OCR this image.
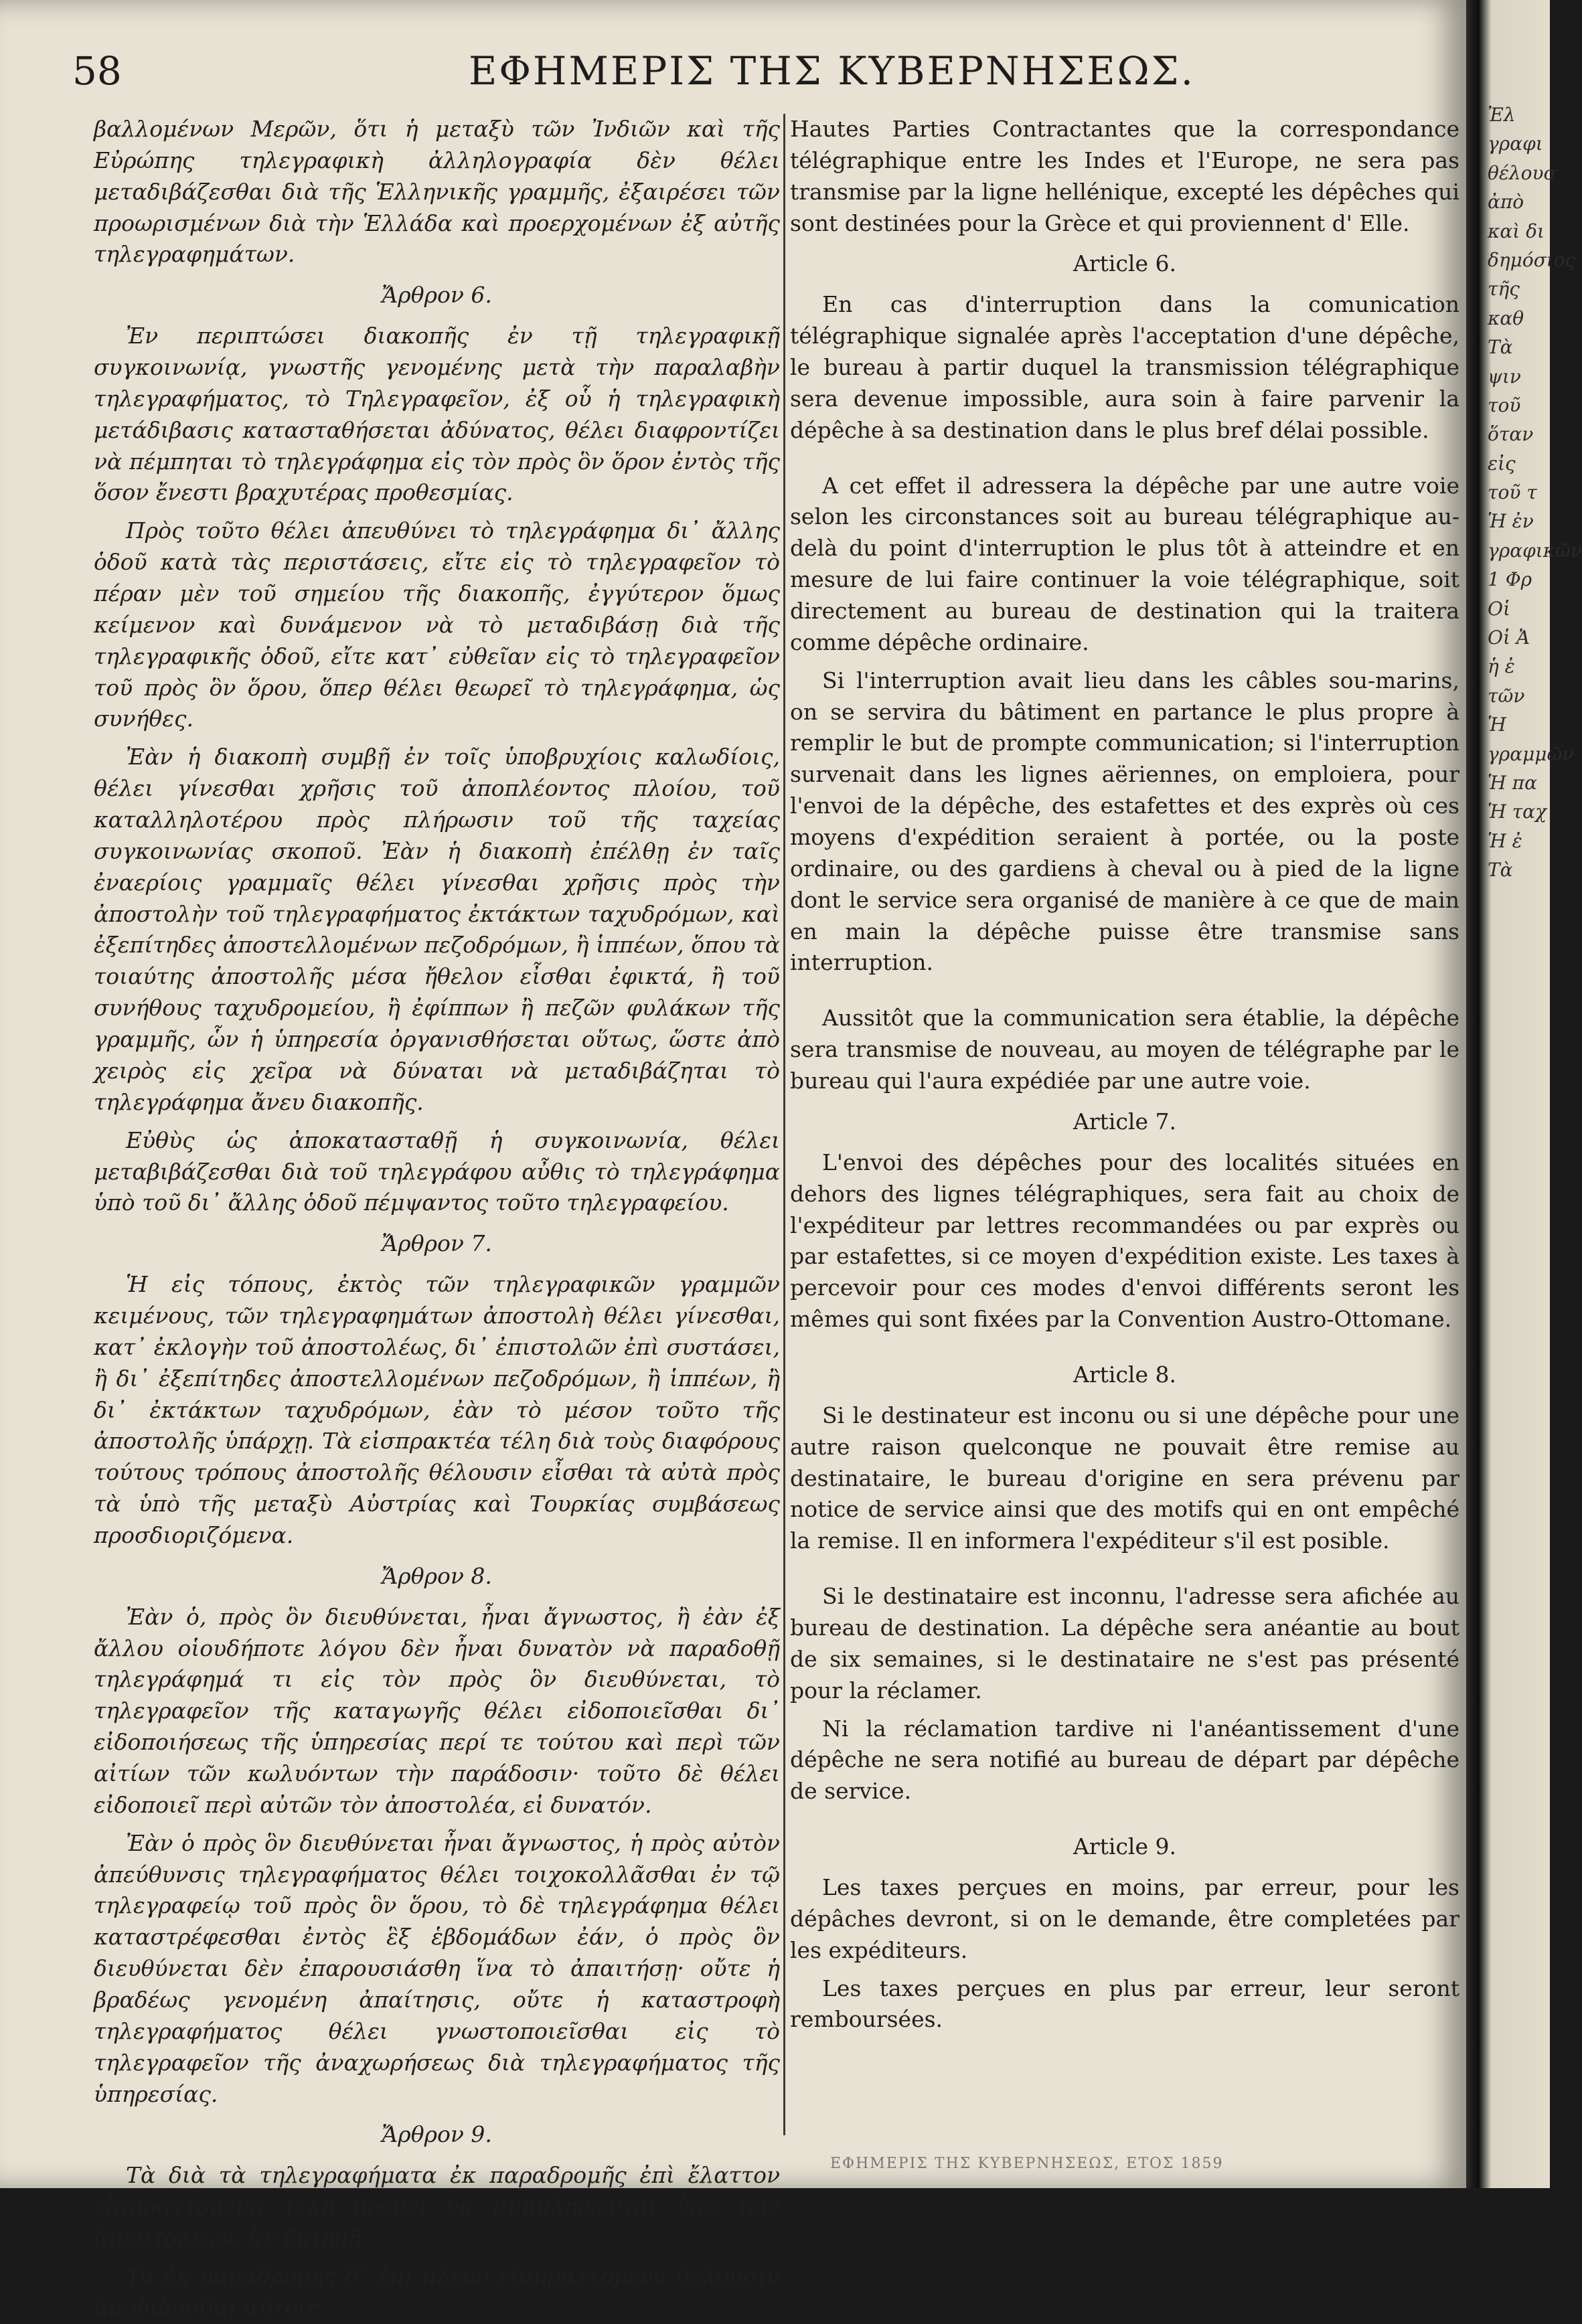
58	ΕΦΗΜΕΡΙΣ ΤΗΣ ΚΥΒΕΡΝΗΣΕΩΣ.

βαλλομένων Μερῶν, ὅτι ἡ μεταξὺ τῶν Ἰνδιῶν καὶ τῆς Εὐρώπης τηλεγραφικὴ ἀλληλογραφία δὲν θέλει μεταδιβάζεσθαι διὰ τῆς Ἑλληνικῆς γραμμῆς, ἐξαιρέσει τῶν προωρισμένων διὰ τὴν Ἑλλάδα καὶ προερχομένων ἐξ αὐτῆς τηλεγραφημάτων.

Ἄρθρον 6.

Ἐν περιπτώσει διακοπῆς ἐν τῇ τηλεγραφικῇ συγκοινωνίᾳ, γνωστῆς γενομένης μετὰ τὴν παραλαβὴν τηλεγραφήματος, τὸ Τηλεγραφεῖον, ἐξ οὗ ἡ τηλεγραφικὴ μετάδιβασις κατασταθήσεται ἀδύνατος, θέλει διαφροντίζει νὰ πέμπηται τὸ τηλεγράφημα εἰς τὸν πρὸς ὃν ὅρον ἐντὸς τῆς ὅσον ἔνεστι βραχυτέρας προθεσμίας.

Πρὸς τοῦτο θέλει ἀπευθύνει τὸ τηλεγράφημα δι᾽ ἄλλης ὁδοῦ κατὰ τὰς περιστάσεις, εἴτε εἰς τὸ τηλεγραφεῖον τὸ πέραν μὲν τοῦ σημείου τῆς διακοπῆς, ἐγγύτερον ὅμως κείμενον καὶ δυνάμενον νὰ τὸ μεταδιβάσῃ διὰ τῆς τηλεγραφικῆς ὁδοῦ, εἴτε κατ᾽ εὐθεῖαν εἰς τὸ τηλεγραφεῖον τοῦ πρὸς ὃν ὅρου, ὅπερ θέλει θεωρεῖ τὸ τηλεγράφημα, ὡς συνήθες.

Ἐὰν ἡ διακοπὴ συμβῇ ἐν τοῖς ὑποβρυχίοις καλωδίοις, θέλει γίνεσθαι χρῆσις τοῦ ἀποπλέοντος πλοίου, τοῦ καταλληλοτέρου πρὸς πλήρωσιν τοῦ τῆς ταχείας συγκοινωνίας σκοποῦ. Ἐὰν ἡ διακοπὴ ἐπέλθῃ ἐν ταῖς ἐναερίοις γραμμαῖς θέλει γίνεσθαι χρῆσις πρὸς τὴν ἀποστολὴν τοῦ τηλεγραφήματος ἐκτάκτων ταχυδρόμων, καὶ ἐξεπίτηδες ἀποστελλομένων πεζοδρόμων, ἢ ἱππέων, ὅπου τὰ τοιαύτης ἀποστολῆς μέσα ἤθελον εἶσθαι ἐφικτά, ἢ τοῦ συνήθους ταχυδρομείου, ἢ ἐφίππων ἢ πεζῶν φυλάκων τῆς γραμμῆς, ὧν ἡ ὑπηρεσία ὀργανισθήσεται οὕτως, ὥστε ἀπὸ χειρὸς εἰς χεῖρα νὰ δύναται νὰ μεταδιβάζηται τὸ τηλεγράφημα ἄνευ διακοπῆς.

Εὐθὺς ὡς ἀποκατασταθῇ ἡ συγκοινωνία, θέλει μεταβιβάζεσθαι διὰ τοῦ τηλεγράφου αὖθις τὸ τηλεγράφημα ὑπὸ τοῦ δι᾽ ἄλλης ὁδοῦ πέμψαντος τοῦτο τηλεγραφείου.

Ἄρθρον 7.

Ἡ εἰς τόπους, ἐκτὸς τῶν τηλεγραφικῶν γραμμῶν κειμένους, τῶν τηλεγραφημάτων ἀποστολὴ θέλει γίνεσθαι, κατ᾽ ἐκλογὴν τοῦ ἀποστολέως, δι᾽ ἐπιστολῶν ἐπὶ συστάσει, ἢ δι᾽ ἐξεπίτηδες ἀποστελλομένων πεζοδρόμων, ἢ ἱππέων, ἢ δι᾽ ἐκτάκτων ταχυδρόμων, ἐὰν τὸ μέσον τοῦτο τῆς ἀποστολῆς ὑπάρχῃ. Τὰ εἰσπρακτέα τέλη διὰ τοὺς διαφόρους τούτους τρόπους ἀποστολῆς θέλουσιν εἶσθαι τὰ αὐτὰ πρὸς τὰ ὑπὸ τῆς μεταξὺ Αὐστρίας καὶ Τουρκίας συμβάσεως προσδιοριζόμενα.

Ἄρθρον 8.

Ἐὰν ὁ, πρὸς ὃν διευθύνεται, ἦναι ἄγνωστος, ἢ ἐὰν ἐξ ἄλλου οἱουδήποτε λόγου δὲν ἦναι δυνατὸν νὰ παραδοθῇ τηλεγράφημά τι εἰς τὸν πρὸς ὃν διευθύνεται, τὸ τηλεγραφεῖον τῆς καταγωγῆς θέλει εἰδοποιεῖσθαι δι᾽ εἰδοποιήσεως τῆς ὑπηρεσίας περί τε τούτου καὶ περὶ τῶν αἰτίων τῶν κωλυόντων τὴν παράδοσιν· τοῦτο δὲ θέλει εἰδοποιεῖ περὶ αὐτῶν τὸν ἀποστολέα, εἰ δυνατόν.

Ἐὰν ὁ πρὸς ὃν διευθύνεται ἦναι ἄγνωστος, ἡ πρὸς αὐτὸν ἀπεύθυνσις τηλεγραφήματος θέλει τοιχοκολλᾶσθαι ἐν τῷ τηλεγραφείῳ τοῦ πρὸς ὃν ὅρου, τὸ δὲ τηλεγράφημα θέλει καταστρέφεσθαι ἐντὸς ἓξ ἑβδομάδων ἐάν, ὁ πρὸς ὃν διευθύνεται δὲν ἐπαρουσιάσθη ἵνα τὸ ἀπαιτήσῃ· οὔτε ἡ βραδέως γενομένη ἀπαίτησις, οὔτε ἡ καταστροφὴ τηλεγραφήματος θέλει γνωστοποιεῖσθαι εἰς τὸ τηλεγραφεῖον τῆς ἀναχωρήσεως διὰ τηλεγραφήματος τῆς ὑπηρεσίας.

Ἄρθρον 9.

Τὰ διὰ τὰ τηλεγραφήματα ἐκ παραδρομῆς ἐπὶ ἔλαττον εἰσπραττόμενα τέλη πρέπει νὰ συμπληρῶνται ὑπὸ τῶν ἀποστολέων, ἂν ζητηθῇ.

Τὰ ἐκ παραδρομῆς δ᾽ ἐπὶ πλέον εἰσπραττόμενα θέλουσιν ἀποδίδοσθαι αὐτοῖς.

Hautes Parties Contractantes que la correspondance télégraphique entre les Indes et l'Europe, ne sera pas transmise par la ligne hellénique, excepté les dépêches qui sont destinées pour la Grèce et qui proviennent d' Elle.

Article 6.

En cas d'interruption dans la comunication télégraphique signalée après l'acceptation d'une dépêche, le bureau à partir duquel la transmission télégraphique sera devenue impossible, aura soin à faire parvenir la dépêche à sa destination dans le plus bref délai possible.

A cet effet il adressera la dépêche par une autre voie selon les circonstances soit au bureau télégraphique au-delà du point d'interruption le plus tôt à atteindre et en mesure de lui faire continuer la voie télégraphique, soit directement au bureau de destination qui la traitera comme dépêche ordinaire.

Si l'interruption avait lieu dans les câbles sou-marins, on se servira du bâtiment en partance le plus propre à remplir le but de prompte communication; si l'interruption survenait dans les lignes aëriennes, on emploiera, pour l'envoi de la dépêche, des estafettes et des exprès où ces moyens d'expédition seraient à portée, ou la poste ordinaire, ou des gardiens à cheval ou à pied de la ligne dont le service sera organisé de manière à ce que de main en main la dépêche puisse être transmise sans interruption.

Aussitôt que la communication sera établie, la dépêche sera transmise de nouveau, au moyen de télégraphe par le bureau qui l'aura expédiée par une autre voie.

Article 7.

L'envoi des dépêches pour des localités situées en dehors des lignes télégraphiques, sera fait au choix de l'expéditeur par lettres recommandées ou par exprès ou par estafettes, si ce moyen d'expédition existe. Les taxes à percevoir pour ces modes d'envoi différents seront les mêmes qui sont fixées par la Convention Austro-Ottomane.

Article 8.

Si le destinateur est inconu ou si une dépêche pour une autre raison quelconque ne pouvait être remise au destinataire, le bureau d'origine en sera prévenu par notice de service ainsi que des motifs qui en ont empêché la remise. Il en informera l'expéditeur s'il est posible.

Si le destinataire est inconnu, l'adresse sera afichée au bureau de destination. La dépêche sera anéantie au bout de six semaines, si le destinataire ne s'est pas présenté pour la réclamer.

Ni la réclamation tardive ni l'anéantissement d'une dépêche ne sera notifié au bureau de départ par dépêche de service.

Article 9.

Les taxes perçues en moins, par erreur, pour les dépâches devront, si on le demande, être completées par les expéditeurs.

Les taxes perçues en plus par erreur, leur seront remboursées.

ΕΦΗΜΕΡΙΣ ΤΗΣ ΚΥΒΕΡΝΗΣΕΩΣ, ΕΤΟΣ 1859
Ἐλ
γραφι
θέλουσ
ἀπὸ
καὶ δι
δημόσιος
τῆς καθ
Τὰ
ψιν τοῦ
ὅταν εἰς
τοῦ τ
Ἡ ἐν
γραφικῶν
1 Φρ
Οἱ
Οἱ Ἀ
ἡ ἐ
τῶν
Ἡ
γραμμῶν
Ἡ πα
Ἡ ταχ
Ἡ ἐ
Τὰ
